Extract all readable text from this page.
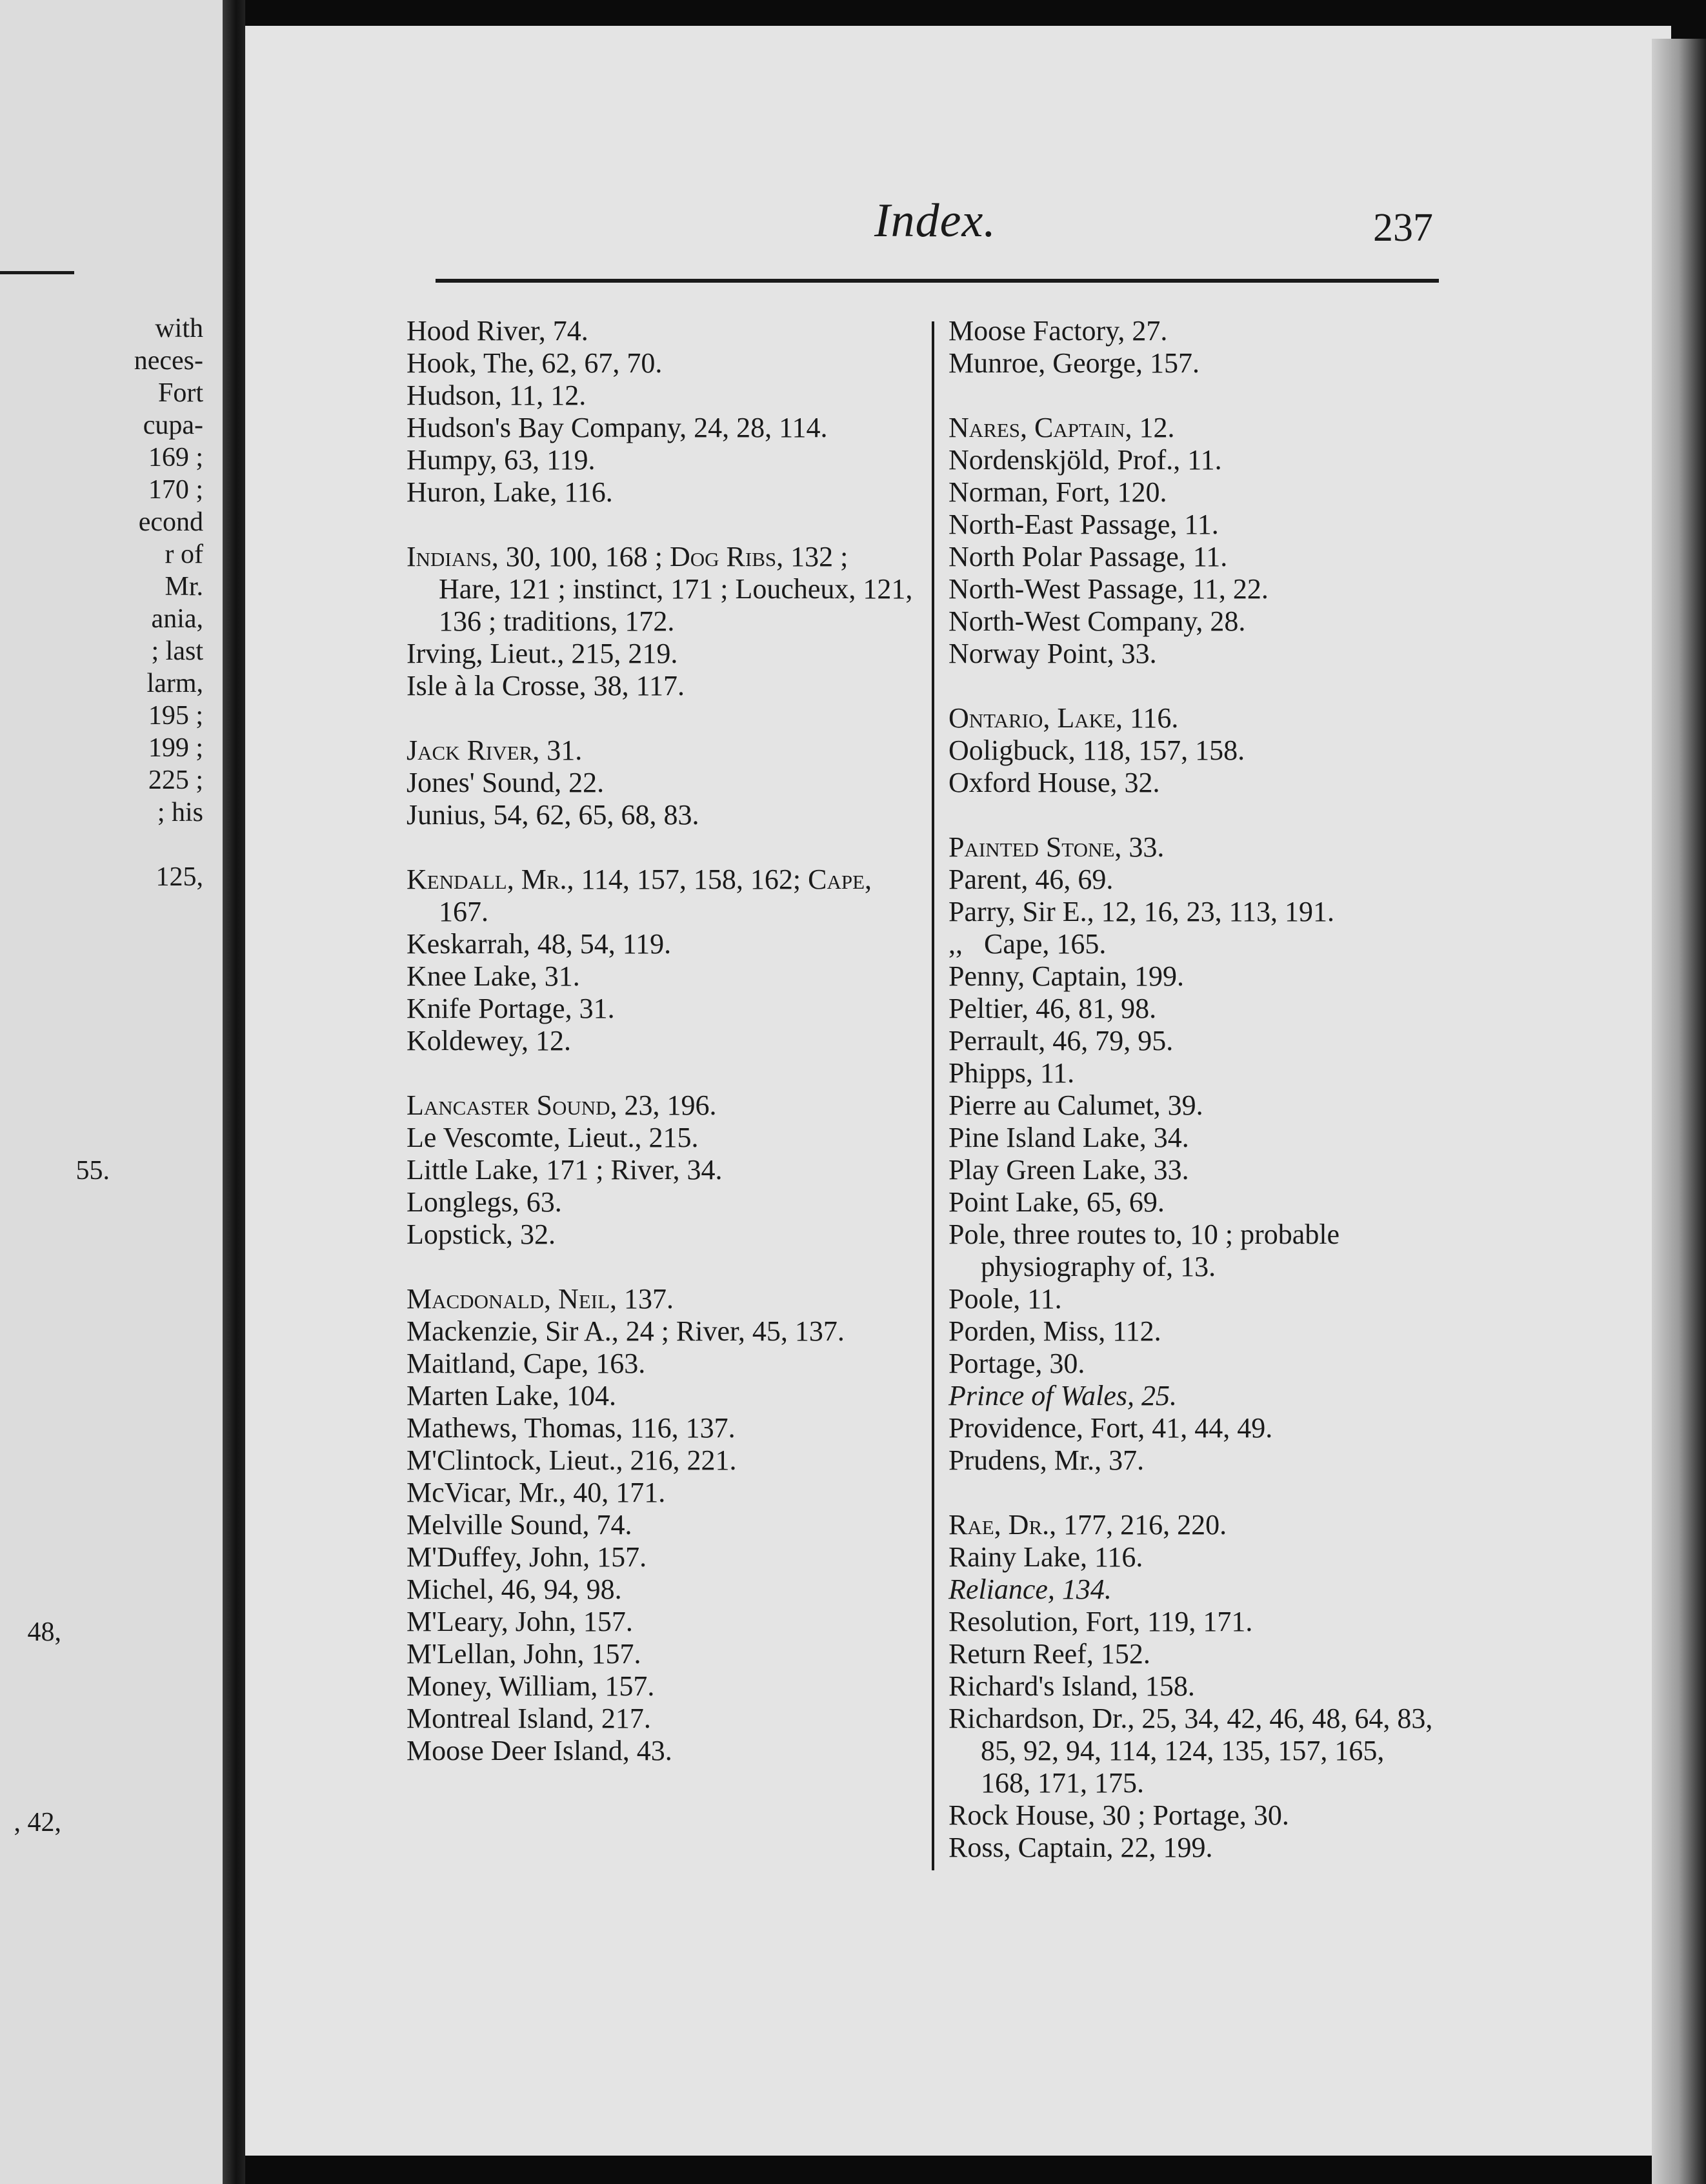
with
neces-
Fort
cupa-
169 ;
170 ;
econd
r of
Mr.
ania,
; last
larm,
195 ;
199 ;
225 ;
; his
125,
55.
48,
, 42,
Index.	237
Hood River, 74.
Hook, The, 62, 67, 70.
Hudson, 11, 12.
Hudson's Bay Company, 24, 28, 114.
Humpy, 63, 119.
Huron, Lake, 116.
Indians, 30, 100, 168 ; Dog Ribs, 132 ; Hare, 121 ; instinct, 171 ; Loucheux, 121, 136 ; traditions, 172.
Irving, Lieut., 215, 219.
Isle à la Crosse, 38, 117.
Jack River, 31.
Jones' Sound, 22.
Junius, 54, 62, 65, 68, 83.
Kendall, Mr., 114, 157, 158, 162; Cape, 167.
Keskarrah, 48, 54, 119.
Knee Lake, 31.
Knife Portage, 31.
Koldewey, 12.
Lancaster Sound, 23, 196.
Le Vescomte, Lieut., 215.
Little Lake, 171 ; River, 34.
Longlegs, 63.
Lopstick, 32.
Macdonald, Neil, 137.
Mackenzie, Sir A., 24 ; River, 45, 137.
Maitland, Cape, 163.
Marten Lake, 104.
Mathews, Thomas, 116, 137.
M'Clintock, Lieut., 216, 221.
McVicar, Mr., 40, 171.
Melville Sound, 74.
M'Duffey, John, 157.
Michel, 46, 94, 98.
M'Leary, John, 157.
M'Lellan, John, 157.
Money, William, 157.
Montreal Island, 217.
Moose Deer Island, 43.
Moose Factory, 27.
Munroe, George, 157.
Nares, Captain, 12.
Nordenskjöld, Prof., 11.
Norman, Fort, 120.
North-East Passage, 11.
North Polar Passage, 11.
North-West Passage, 11, 22.
North-West Company, 28.
Norway Point, 33.
Ontario, Lake, 116.
Ooligbuck, 118, 157, 158.
Oxford House, 32.
Painted Stone, 33.
Parent, 46, 69.
Parry, Sir E., 12, 16, 23, 113, 191.
,,   Cape, 165.
Penny, Captain, 199.
Peltier, 46, 81, 98.
Perrault, 46, 79, 95.
Phipps, 11.
Pierre au Calumet, 39.
Pine Island Lake, 34.
Play Green Lake, 33.
Point Lake, 65, 69.
Pole, three routes to, 10 ; probable physiography of, 13.
Poole, 11.
Porden, Miss, 112.
Portage, 30.
Prince of Wales, 25.
Providence, Fort, 41, 44, 49.
Prudens, Mr., 37.
Rae, Dr., 177, 216, 220.
Rainy Lake, 116.
Reliance, 134.
Resolution, Fort, 119, 171.
Return Reef, 152.
Richard's Island, 158.
Richardson, Dr., 25, 34, 42, 46, 48, 64, 83, 85, 92, 94, 114, 124, 135, 157, 165, 168, 171, 175.
Rock House, 30 ; Portage, 30.
Ross, Captain, 22, 199.
